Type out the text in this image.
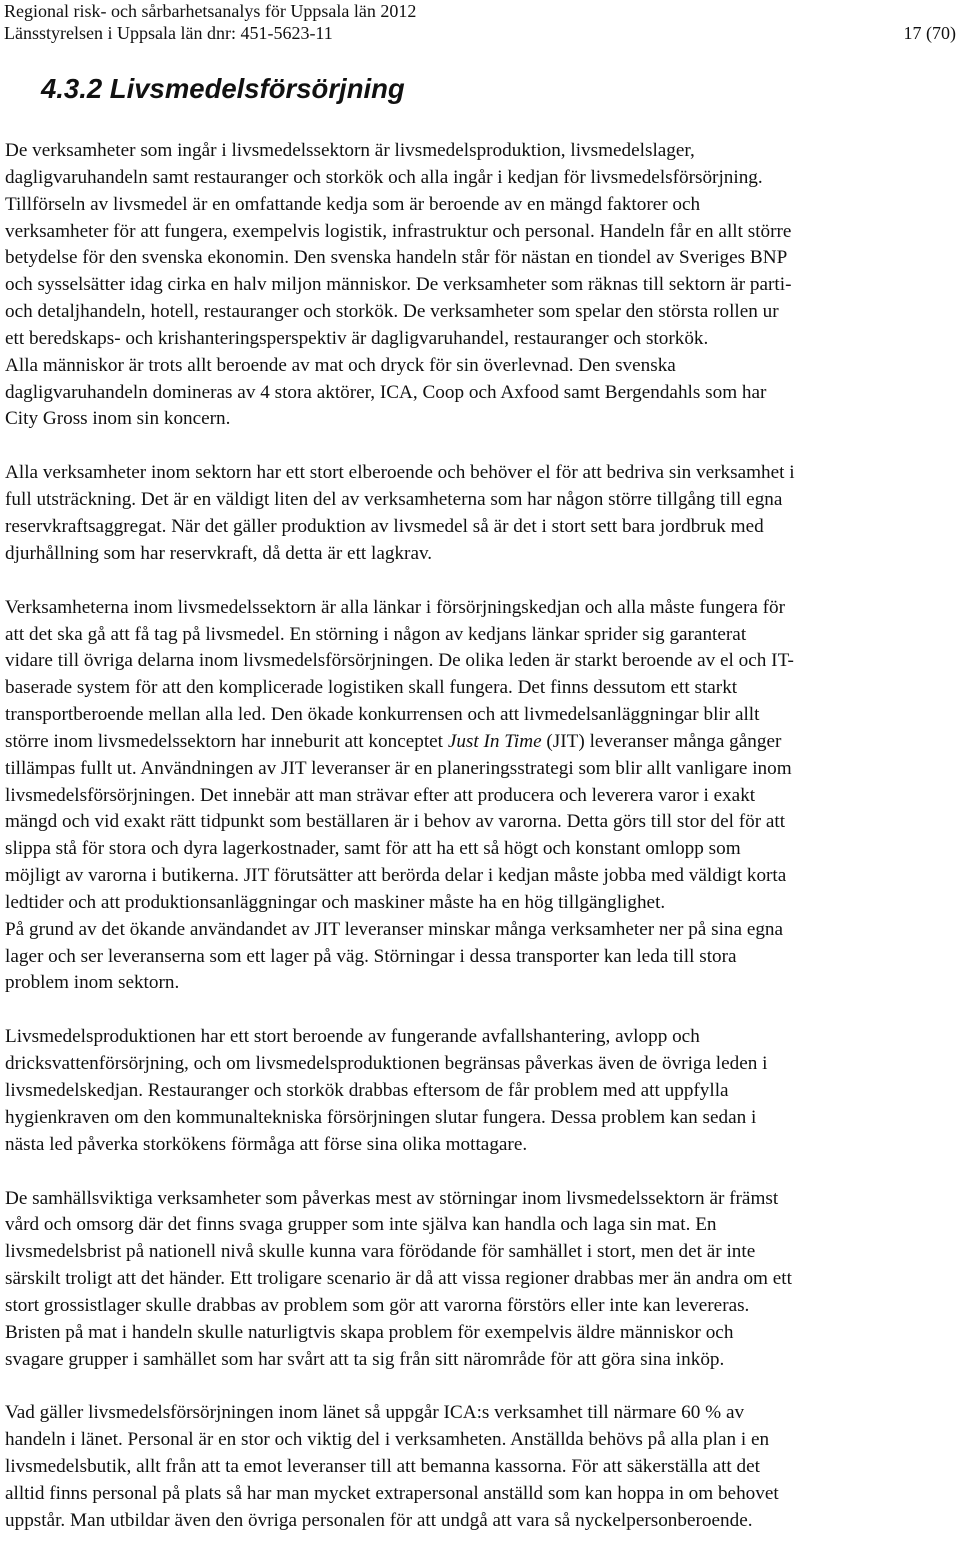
Regional risk- och sårbarhetsanalys för Uppsala län 2012
Länsstyrelsen i Uppsala län dnr: 451-5623-11	17 (70)
4.3.2 Livsmedelsförsörjning
De verksamheter som ingår i livsmedelssektorn är livsmedelsproduktion, livsmedelslager,
dagligvaruhandeln samt restauranger och storkök och alla ingår i kedjan för livsmedelsförsörjning.
Tillförseln av livsmedel är en omfattande kedja som är beroende av en mängd faktorer och
verksamheter för att fungera, exempelvis logistik, infrastruktur och personal. Handeln får en allt större
betydelse för den svenska ekonomin. Den svenska handeln står för nästan en tiondel av Sveriges BNP
och sysselsätter idag cirka en halv miljon människor. De verksamheter som räknas till sektorn är parti-
och detaljhandeln, hotell, restauranger och storkök. De verksamheter som spelar den största rollen ur
ett beredskaps- och krishanteringsperspektiv är dagligvaruhandel, restauranger och storkök.
Alla människor är trots allt beroende av mat och dryck för sin överlevnad. Den svenska
dagligvaruhandeln domineras av 4 stora aktörer, ICA, Coop och Axfood samt Bergendahls som har
City Gross inom sin koncern.
Alla verksamheter inom sektorn har ett stort elberoende och behöver el för att bedriva sin verksamhet i
full utsträckning. Det är en väldigt liten del av verksamheterna som har någon större tillgång till egna
reservkraftsaggregat. När det gäller produktion av livsmedel så är det i stort sett bara jordbruk med
djurhållning som har reservkraft, då detta är ett lagkrav.
Verksamheterna inom livsmedelssektorn är alla länkar i försörjningskedjan och alla måste fungera för
att det ska gå att få tag på livsmedel. En störning i någon av kedjans länkar sprider sig garanterat
vidare till övriga delarna inom livsmedelsförsörjningen. De olika leden är starkt beroende av el och IT-
baserade system för att den komplicerade logistiken skall fungera. Det finns dessutom ett starkt
transportberoende mellan alla led. Den ökade konkurrensen och att livmedelsanläggningar blir allt
större inom livsmedelssektorn har inneburit att konceptet Just In Time (JIT) leveranser många gånger
tillämpas fullt ut. Användningen av JIT leveranser är en planeringsstrategi som blir allt vanligare inom
livsmedelsförsörjningen. Det innebär att man strävar efter att producera och leverera varor i exakt
mängd och vid exakt rätt tidpunkt som beställaren är i behov av varorna. Detta görs till stor del för att
slippa stå för stora och dyra lagerkostnader, samt för att ha ett så högt och konstant omlopp som
möjligt av varorna i butikerna. JIT förutsätter att berörda delar i kedjan måste jobba med väldigt korta
ledtider och att produktionsanläggningar och maskiner måste ha en hög tillgänglighet.
På grund av det ökande användandet av JIT leveranser minskar många verksamheter ner på sina egna
lager och ser leveranserna som ett lager på väg. Störningar i dessa transporter kan leda till stora
problem inom sektorn.
Livsmedelsproduktionen har ett stort beroende av fungerande avfallshantering, avlopp och
dricksvattenförsörjning, och om livsmedelsproduktionen begränsas påverkas även de övriga leden i
livsmedelskedjan. Restauranger och storkök drabbas eftersom de får problem med att uppfylla
hygienkraven om den kommunaltekniska försörjningen slutar fungera. Dessa problem kan sedan i
nästa led påverka storkökens förmåga att förse sina olika mottagare.
De samhällsviktiga verksamheter som påverkas mest av störningar inom livsmedelssektorn är främst
vård och omsorg där det finns svaga grupper som inte själva kan handla och laga sin mat. En
livsmedelsbrist på nationell nivå skulle kunna vara förödande för samhället i stort, men det är inte
särskilt troligt att det händer. Ett troligare scenario är då att vissa regioner drabbas mer än andra om ett
stort grossistlager skulle drabbas av problem som gör att varorna förstörs eller inte kan levereras.
Bristen på mat i handeln skulle naturligtvis skapa problem för exempelvis äldre människor och
svagare grupper i samhället som har svårt att ta sig från sitt närområde för att göra sina inköp.
Vad gäller livsmedelsförsörjningen inom länet så uppgår ICA:s verksamhet till närmare 60 % av
handeln i länet. Personal är en stor och viktig del i verksamheten. Anställda behövs på alla plan i en
livsmedelsbutik, allt från att ta emot leveranser till att bemanna kassorna. För att säkerställa att det
alltid finns personal på plats så har man mycket extrapersonal anställd som kan hoppa in om behovet
uppstår. Man utbildar även den övriga personalen för att undgå att vara så nyckelpersonberoende.
